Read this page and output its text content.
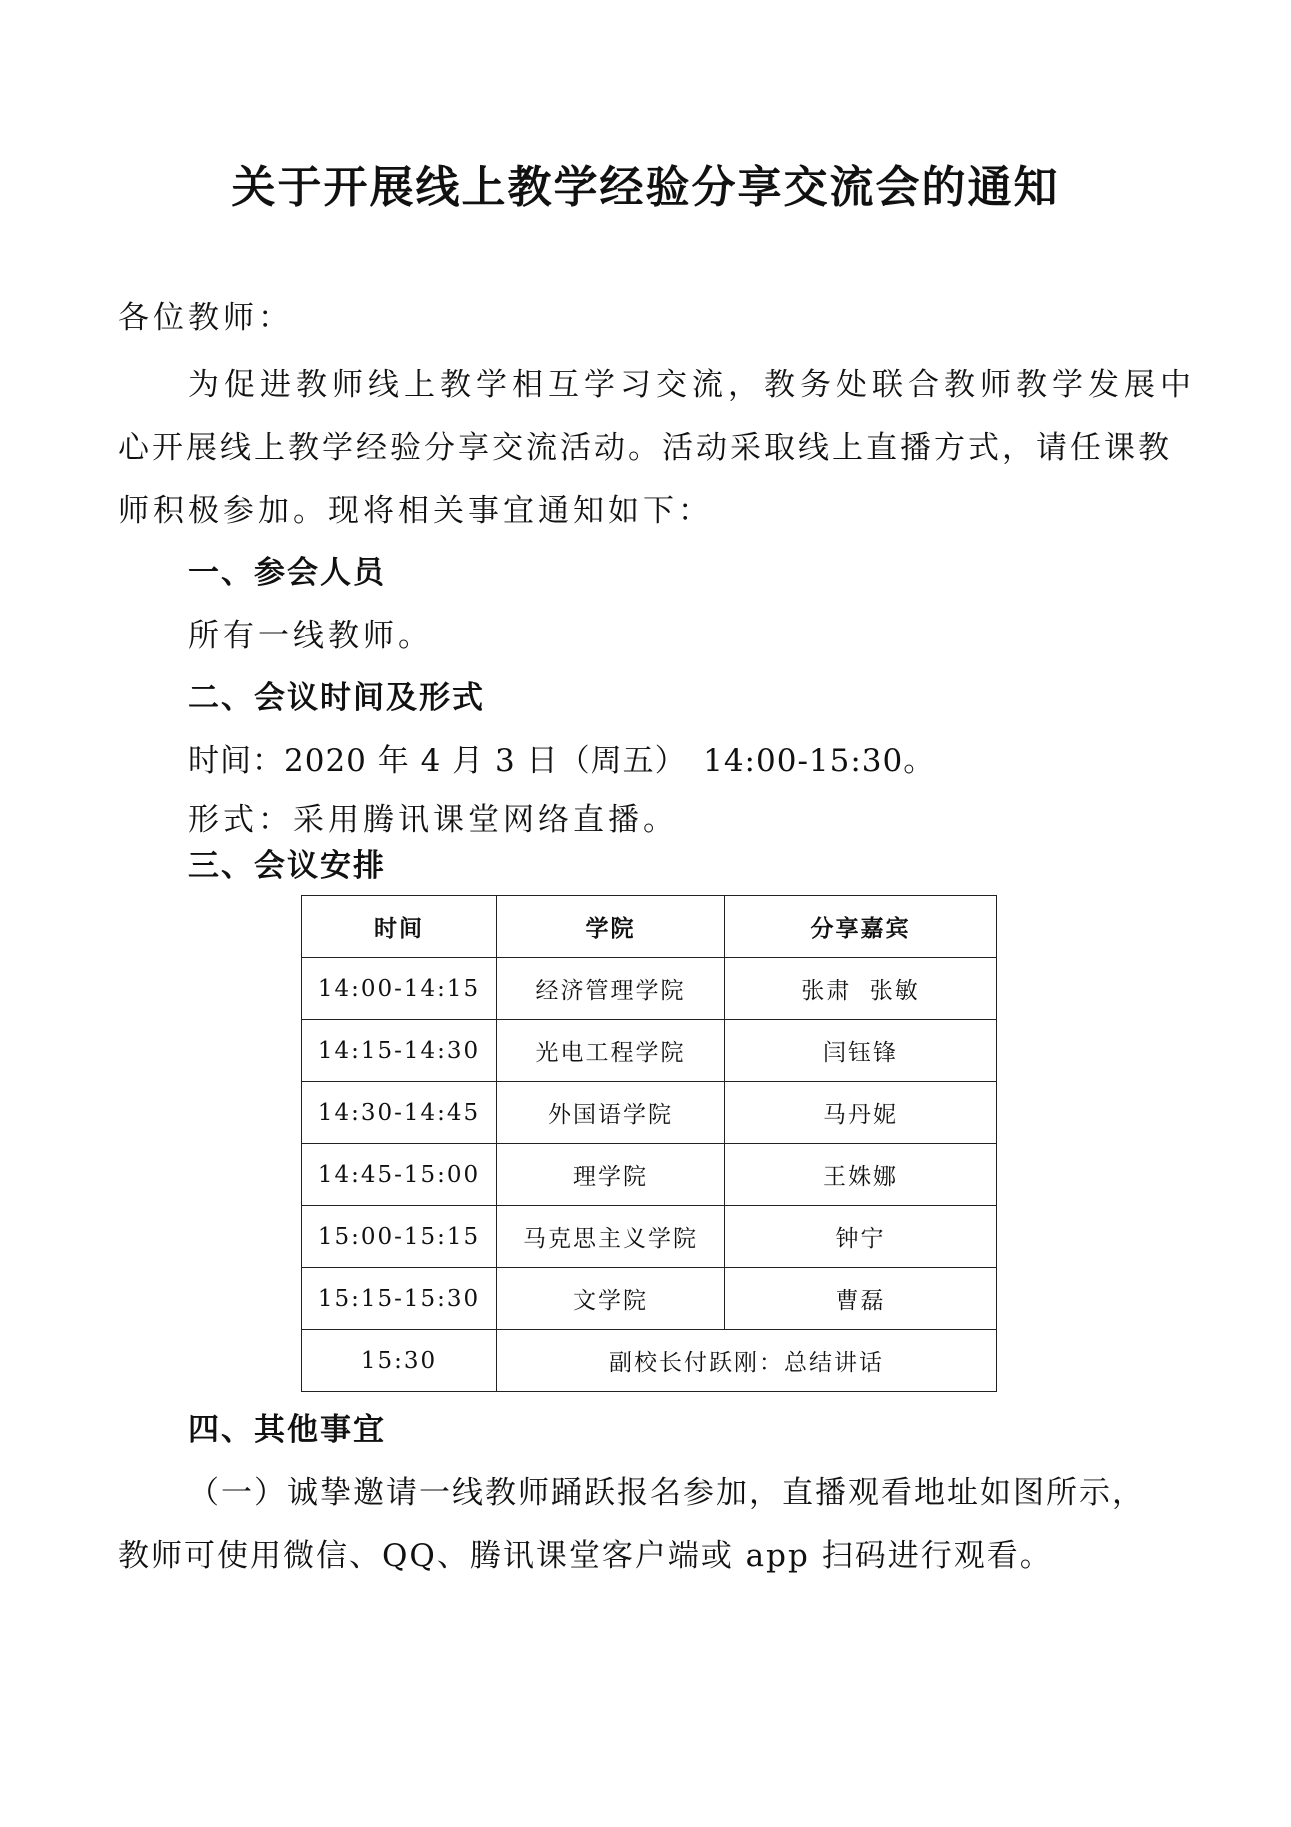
关于开展线上教学经验分享交流会的通知
各位教师：
为促进教师线上教学相互学习交流，教务处联合教师教学发展中
心开展线上教学经验分享交流活动。活动采取线上直播方式，请任课教
师积极参加。现将相关事宜通知如下：
一、参会人员
所有一线教师。
二、会议时间及形式
时间：2020 年 4 月 3 日（周五）　14:00-15:30。
形式：采用腾讯课堂网络直播。
三、会议安排
时间	学院	分享嘉宾
14:00-14:15	经济管理学院	张肃  张敏
14:15-14:30	光电工程学院	闫钰锋
14:30-14:45	外国语学院	马丹妮
14:45-15:00	理学院	王姝娜
15:00-15:15	马克思主义学院	钟宁
15:15-15:30	文学院	曹磊
15:30	副校长付跃刚：总结讲话	
四、其他事宜
（一）诚挚邀请一线教师踊跃报名参加，直播观看地址如图所示，
教师可使用微信、QQ、腾讯课堂客户端或 app 扫码进行观看。
